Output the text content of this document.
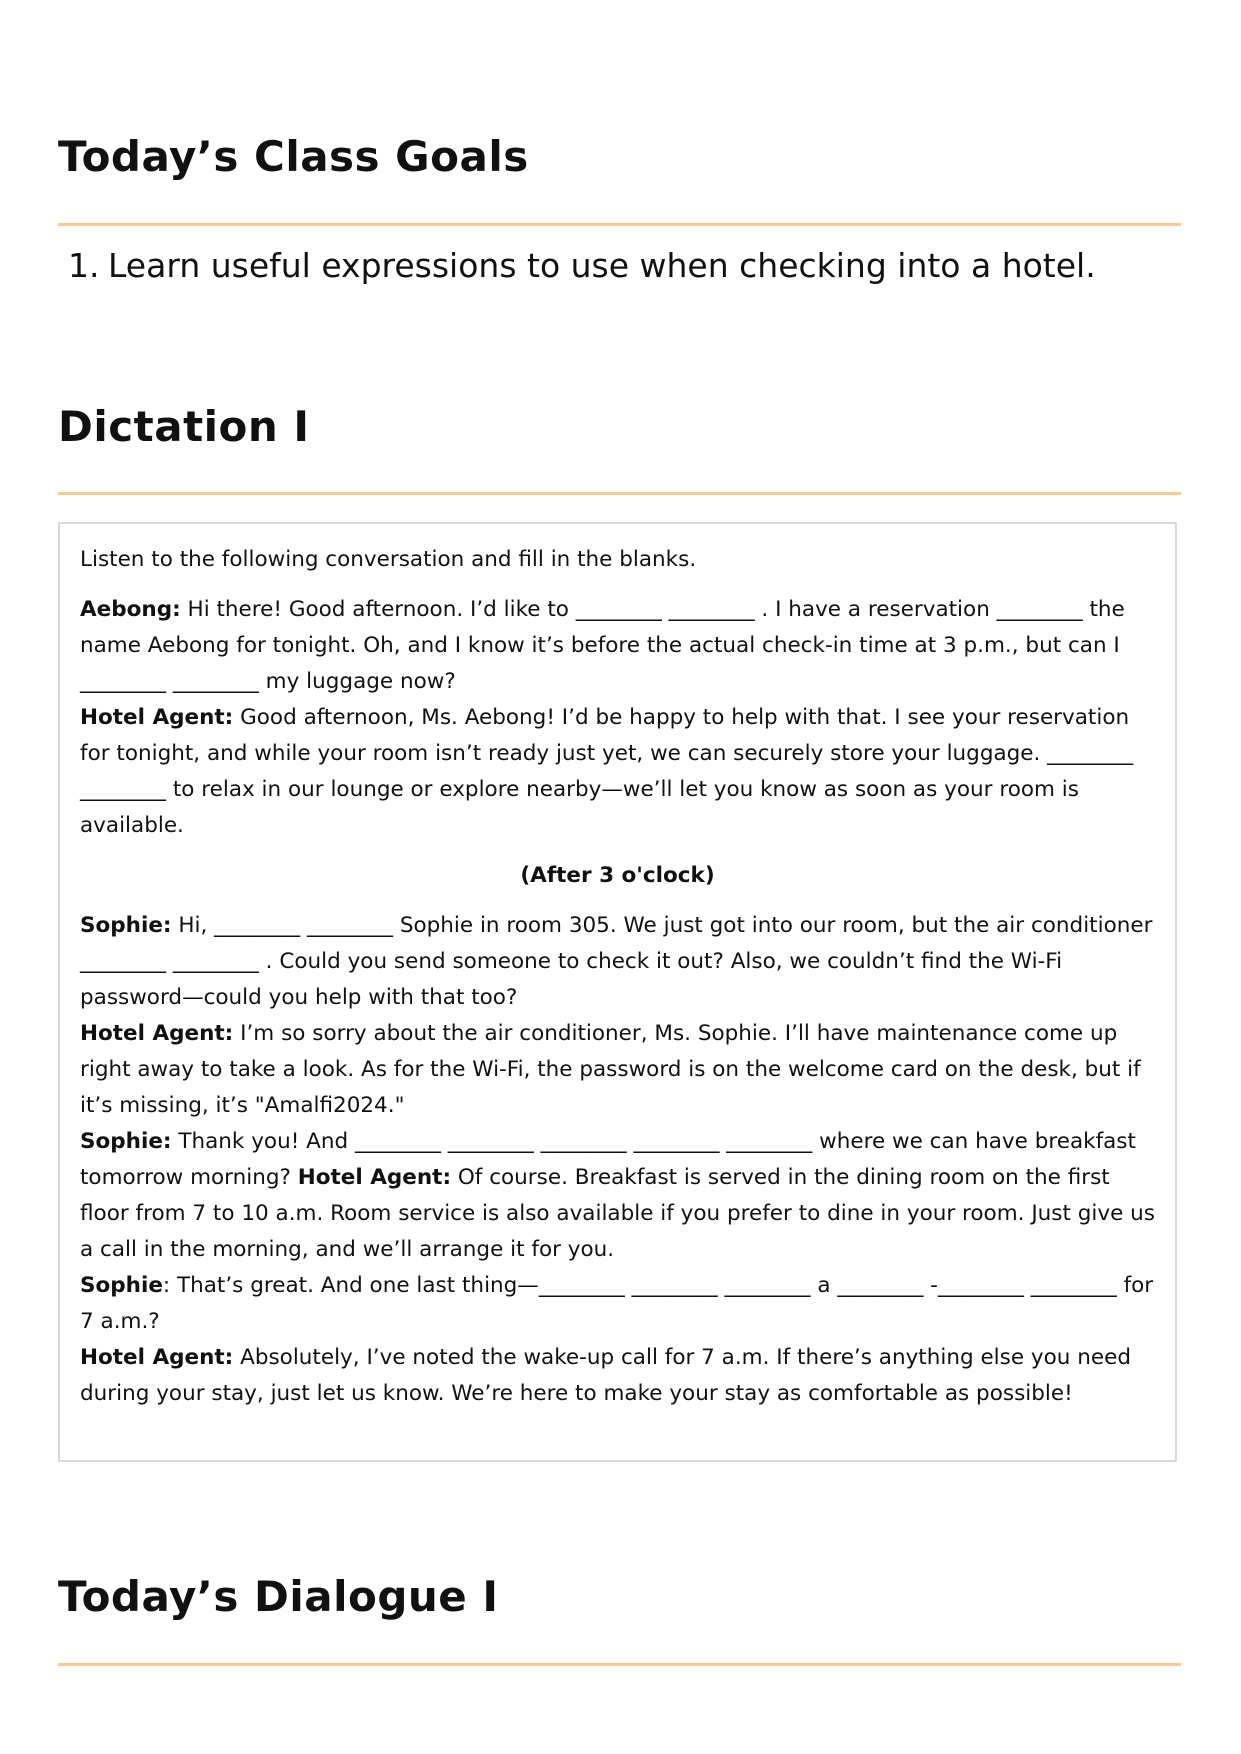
Today’s Class Goals
1. Learn useful expressions to use when checking into a hotel.
Dictation I

Listen to the following conversation and fill in the blanks.

Aebong: Hi there! Good afternoon. I’d like to ________ ________ . I have a reservation ________ the name Aebong for tonight. Oh, and I know it’s before the actual check-in time at 3 p.m., but can I ________ ________ my luggage now?

Hotel Agent: Good afternoon, Ms. Aebong! I’d be happy to help with that. I see your reservation for tonight, and while your room isn’t ready just yet, we can securely store your luggage. ________ ________ to relax in our lounge or explore nearby—we’ll let you know as soon as your room is available.

(After 3 o'clock)

Sophie: Hi, ________ ________ Sophie in room 305. We just got into our room, but the air conditioner ________ ________ . Could you send someone to check it out? Also, we couldn’t find the Wi-Fi password—could you help with that too?

Hotel Agent: I’m so sorry about the air conditioner, Ms. Sophie. I’ll have maintenance come up right away to take a look. As for the Wi-Fi, the password is on the welcome card on the desk, but if it’s missing, it’s "Amalfi2024."

Sophie: Thank you! And ________ ________ ________ ________ ________ where we can have breakfast tomorrow morning? Hotel Agent: Of course. Breakfast is served in the dining room on the first floor from 7 to 10 a.m. Room service is also available if you prefer to dine in your room. Just give us a call in the morning, and we’ll arrange it for you.

Sophie: That’s great. And one last thing—________ ________ ________ a ________ -________ ________ for 7 a.m.?

Hotel Agent: Absolutely, I’ve noted the wake-up call for 7 a.m. If there’s anything else you need during your stay, just let us know. We’re here to make your stay as comfortable as possible!

Today’s Dialogue I
